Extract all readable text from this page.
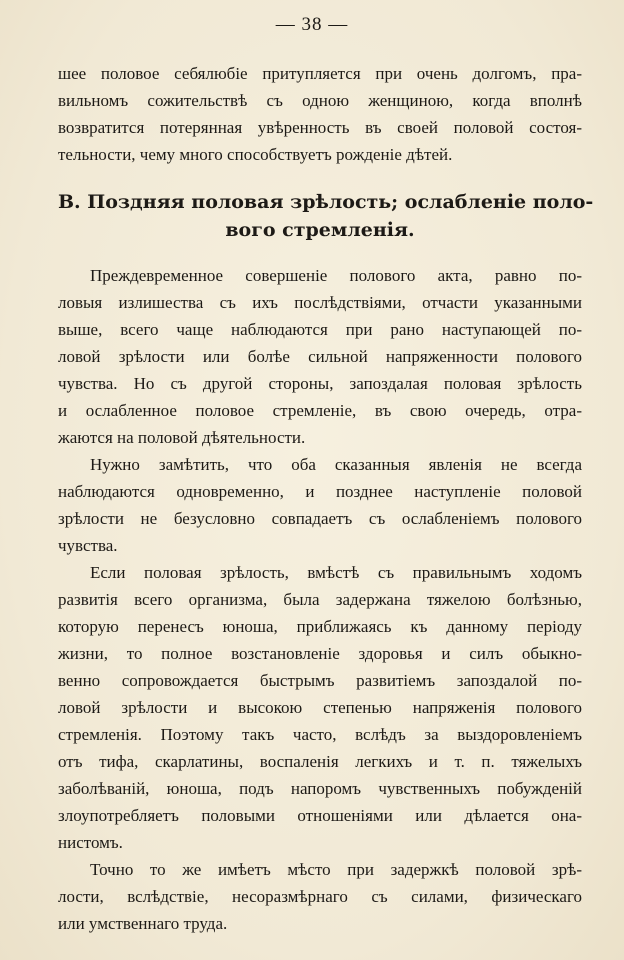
— 38 —
шее половое себялюбіе притупляется при очень долгомъ, пра-
вильномъ сожительствѣ съ одною женщиною, когда вполнѣ
возвратится потерянная увѣренность въ своей половой состоя-
тельности, чему много способствуетъ рожденіе дѣтей.
В. Поздняя половая зрѣлость; ослабленіе поло-
вого стремленія.
Преждевременное совершеніе полового акта, равно по-
ловыя излишества съ ихъ послѣдствіями, отчасти указанными
выше, всего чаще наблюдаются при рано наступающей по-
ловой зрѣлости или болѣе сильной напряженности полового
чувства. Но съ другой стороны, запоздалая половая зрѣлость
и ослабленное половое стремленіе, въ свою очередь, отра-
жаются на половой дѣятельности.
Нужно замѣтить, что оба сказанныя явленія не всегда
наблюдаются одновременно, и позднее наступленіе половой
зрѣлости не безусловно совпадаетъ съ ослабленіемъ полового
чувства.
Если половая зрѣлость, вмѣстѣ съ правильнымъ ходомъ
развитія всего организма, была задержана тяжелою болѣзнью,
которую перенесъ юноша, приближаясь къ данному періоду
жизни, то полное возстановленіе здоровья и силъ обыкно-
венно сопровождается быстрымъ развитіемъ запоздалой по-
ловой зрѣлости и высокою степенью напряженія полового
стремленія. Поэтому такъ часто, вслѣдъ за выздоровленіемъ
отъ тифа, скарлатины, воспаленія легкихъ и т. п. тяжелыхъ
заболѣваній, юноша, подъ напоромъ чувственныхъ побужденій
злоупотребляетъ половыми отношеніями или дѣлается она-
нистомъ.
Точно то же имѣетъ мѣсто при задержкѣ половой зрѣ-
лости, вслѣдствіе, несоразмѣрнаго съ силами, физическаго
или умственнаго труда.
